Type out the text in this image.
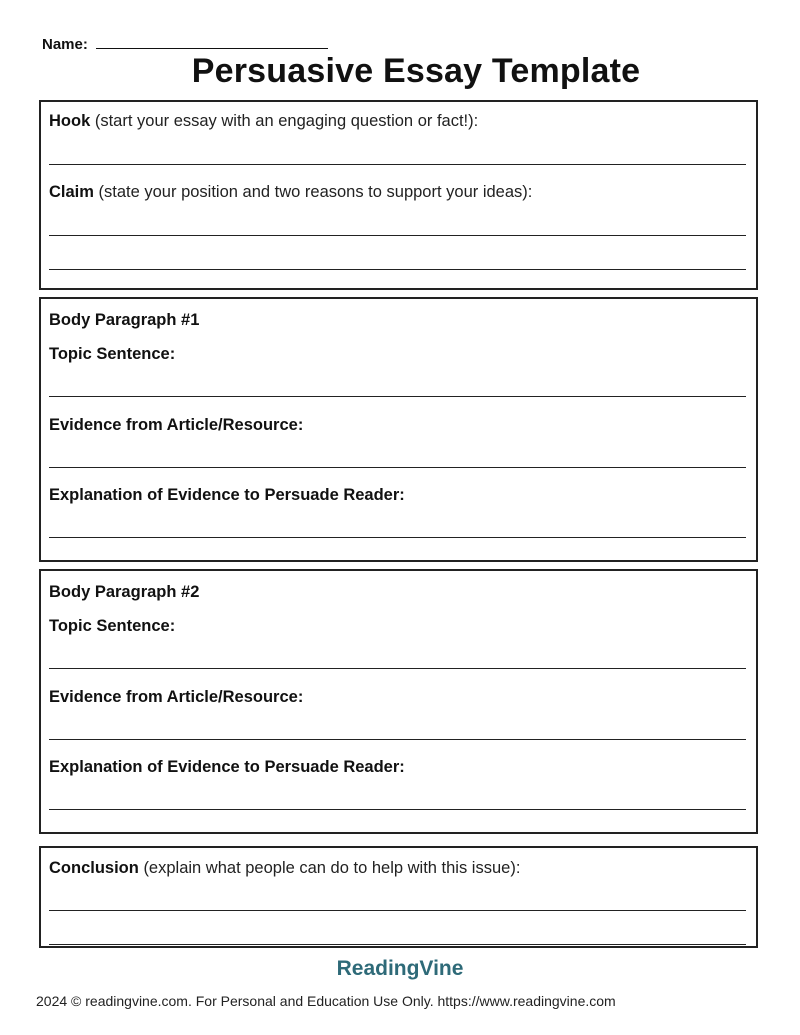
Name:
Persuasive Essay Template
Hook (start your essay with an engaging question or fact!):
Claim (state your position and two reasons to support your ideas):
Body Paragraph #1
Topic Sentence:
Evidence from Article/Resource:
Explanation of Evidence to Persuade Reader:
Body Paragraph #2
Topic Sentence:
Evidence from Article/Resource:
Explanation of Evidence to Persuade Reader:
Conclusion (explain what people can do to help with this issue):
ReadingVine
2024 © readingvine.com. For Personal and Education Use Only. https://www.readingvine.com
